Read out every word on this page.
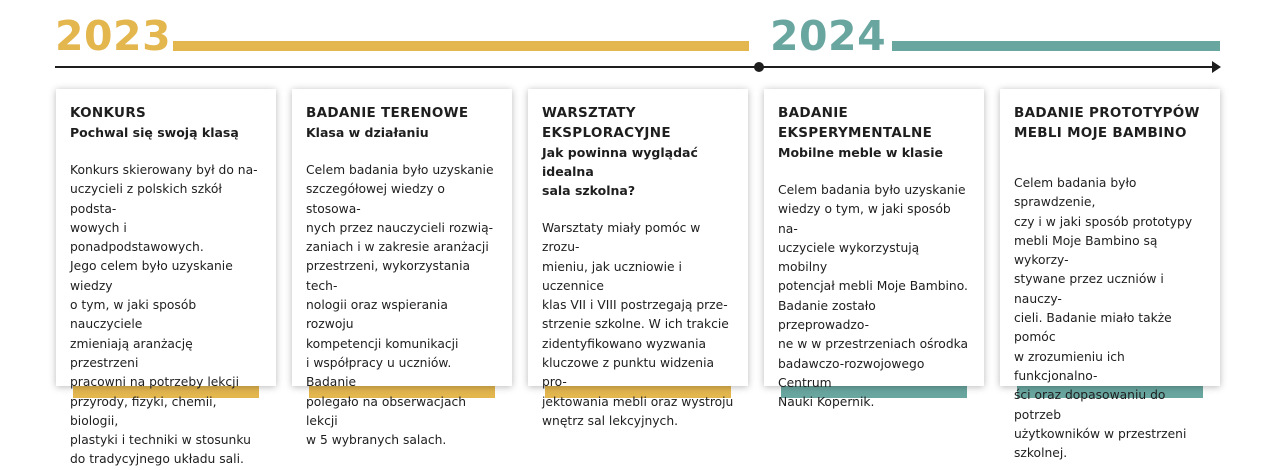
2023	2024
KONKURS
Pochwal się swoją klasą
Konkurs skierowany był do na-
uczycieli z polskich szkół podsta-
wowych i ponadpodstawowych.
Jego celem było uzyskanie wiedzy
o tym, w jaki sposób nauczyciele
zmieniają aranżację przestrzeni
pracowni na potrzeby lekcji
przyrody, fizyki, chemii, biologii,
plastyki i techniki w stosunku
do tradycyjnego układu sali.
BADANIE TERENOWE
Klasa w działaniu
Celem badania było uzyskanie
szczegółowej wiedzy o stosowa-
nych przez nauczycieli rozwią-
zaniach i w zakresie aranżacji
przestrzeni, wykorzystania tech-
nologii oraz wspierania rozwoju
kompetencji komunikacji
i współpracy u uczniów. Badanie
polegało na obserwacjach lekcji
w 5 wybranych salach.
WARSZTATY
EKSPLORACYJNE
Jak powinna wyglądać idealna
sala szkolna?
Warsztaty miały pomóc w zrozu-
mieniu, jak uczniowie i uczennice
klas VII i VIII postrzegają prze-
strzenie szkolne. W ich trakcie
zidentyfikowano wyzwania
kluczowe z punktu widzenia pro-
jektowania mebli oraz wystroju
wnętrz sal lekcyjnych.
BADANIE
EKSPERYMENTALNE
Mobilne meble w klasie
Celem badania było uzyskanie
wiedzy o tym, w jaki sposób na-
uczyciele wykorzystują mobilny
potencjał mebli Moje Bambino.
Badanie zostało przeprowadzo-
ne w w przestrzeniach ośrodka
badawczo-rozwojowego Centrum
Nauki Kopernik.
BADANIE PROTOTYPÓW
MEBLI MOJE BAMBINO
Celem badania było sprawdzenie,
czy i w jaki sposób prototypy
mebli Moje Bambino są wykorzy-
stywane przez uczniów i nauczy-
cieli. Badanie miało także pomóc
w zrozumieniu ich funkcjonalno-
ści oraz dopasowaniu do potrzeb
użytkowników w przestrzeni
szkolnej.
